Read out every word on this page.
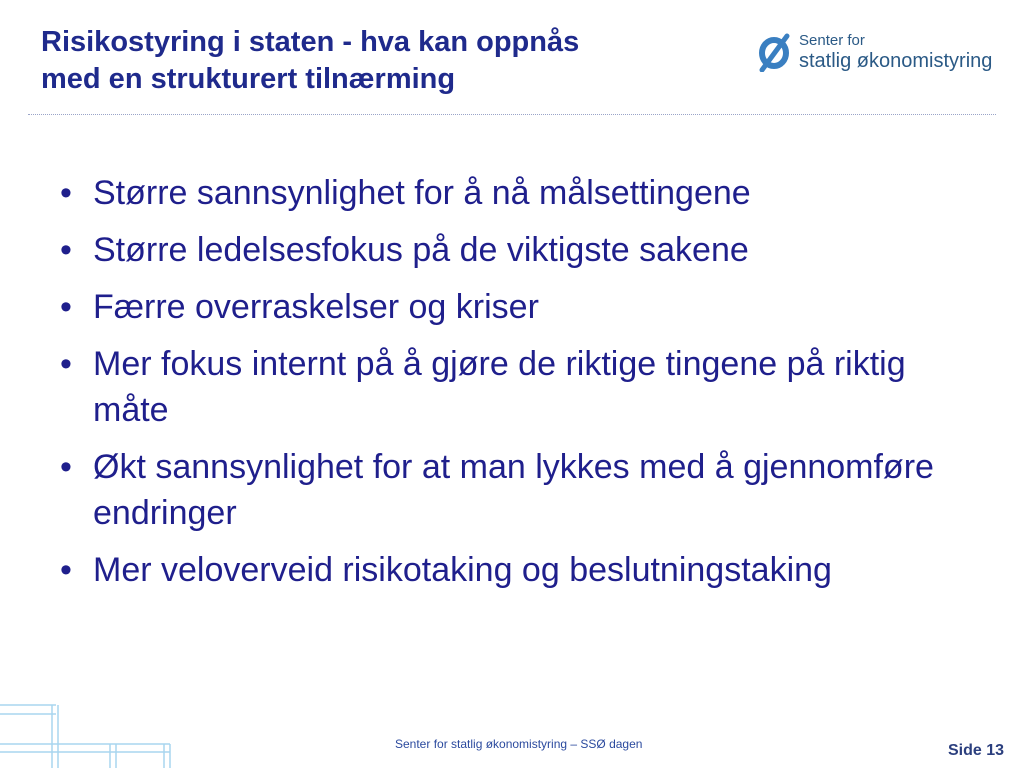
Risikostyring i staten - hva kan oppnås
med en strukturert tilnærming
Senter for
statlig økonomistyring
• Større sannsynlighet for å nå målsettingene
• Større ledelsesfokus på de viktigste sakene
• Færre overraskelser og kriser
• Mer fokus internt på å gjøre de riktige tingene på riktig måte
• Økt sannsynlighet for at man lykkes med å gjennomføre endringer
• Mer veloverveid risikotaking og beslutningstaking
Senter for statlig økonomistyring – SSØ dagen	Side 13
